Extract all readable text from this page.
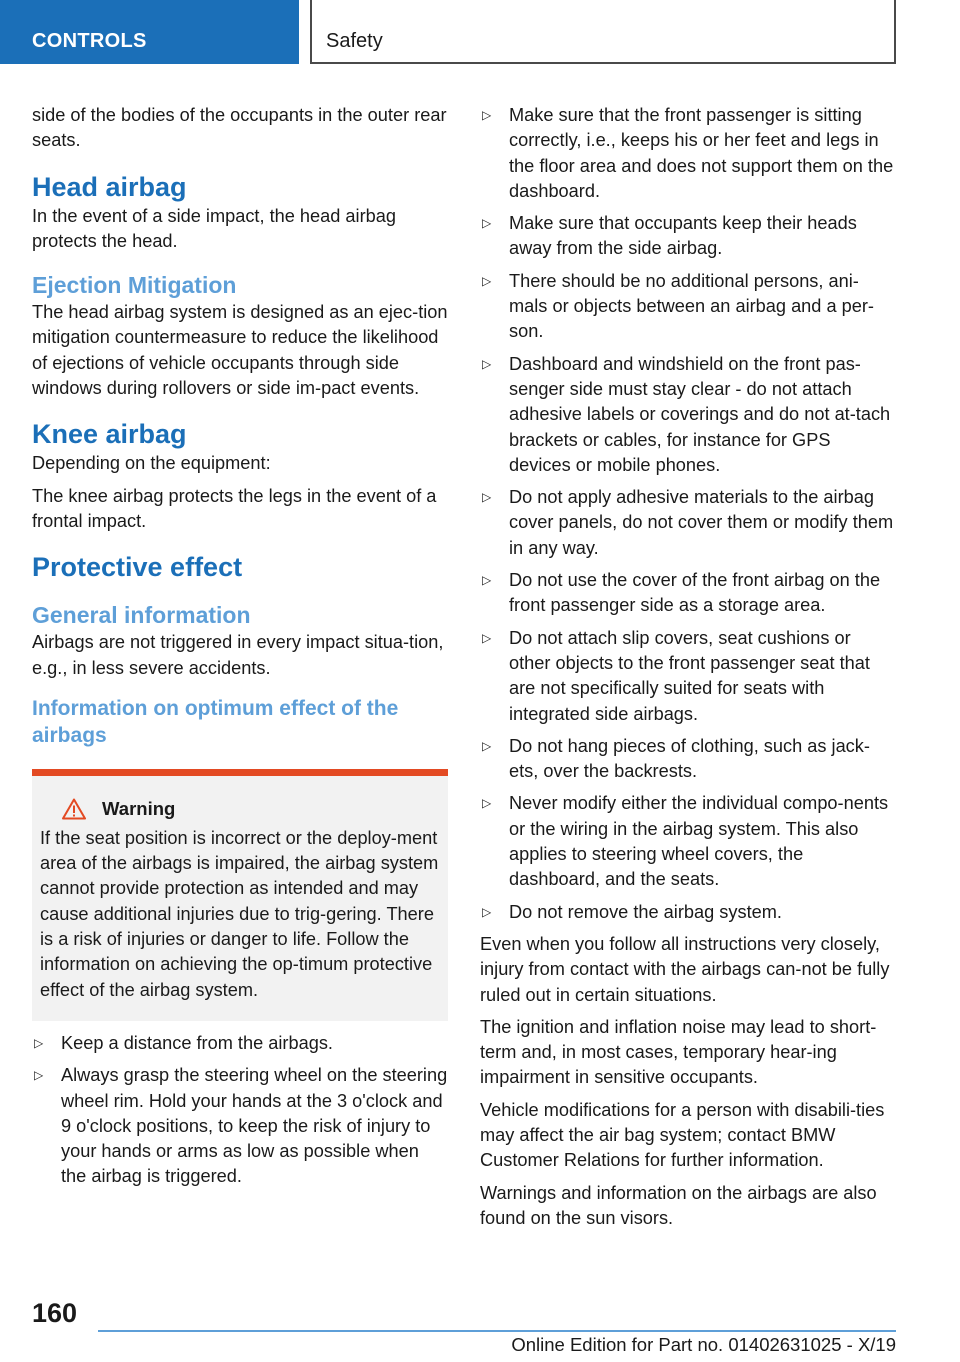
CONTROLS	Safety

side of the bodies of the occupants in the outer rear seats.

Head airbag

In the event of a side impact, the head airbag protects the head.

Ejection Mitigation

The head airbag system is designed as an ejec‐tion mitigation countermeasure to reduce the likelihood of ejections of vehicle occupants through side windows during rollovers or side im‐pact events.

Knee airbag

Depending on the equipment:

The knee airbag protects the legs in the event of a frontal impact.

Protective effect
General information

Airbags are not triggered in every impact situa‐tion, e.g., in less severe accidents.

Information on optimum effect of the airbags
Warning

If the seat position is incorrect or the deploy‐ment area of the airbags is impaired, the airbag system cannot provide protection as intended and may cause additional injuries due to trig‐gering. There is a risk of injuries or danger to life. Follow the information on achieving the op‐timum protective effect of the airbag system.

▷ Keep a distance from the airbags.
▷ Always grasp the steering wheel on the steering wheel rim. Hold your hands at the 3 o'clock and 9 o'clock positions, to keep the risk of injury to your hands or arms as low as possible when the airbag is triggered.
▷ Make sure that the front passenger is sitting correctly, i.e., keeps his or her feet and legs in the floor area and does not support them on the dashboard.
▷ Make sure that occupants keep their heads away from the side airbag.
▷ There should be no additional persons, ani‐mals or objects between an airbag and a per‐son.
▷ Dashboard and windshield on the front pas‐senger side must stay clear - do not attach adhesive labels or coverings and do not at‐tach brackets or cables, for instance for GPS devices or mobile phones.
▷ Do not apply adhesive materials to the airbag cover panels, do not cover them or modify them in any way.
▷ Do not use the cover of the front airbag on the front passenger side as a storage area.
▷ Do not attach slip covers, seat cushions or other objects to the front passenger seat that are not specifically suited for seats with integrated side airbags.
▷ Do not hang pieces of clothing, such as jack‐ets, over the backrests.
▷ Never modify either the individual compo‐nents or the wiring in the airbag system. This also applies to steering wheel covers, the dashboard, and the seats.
▷ Do not remove the airbag system.

Even when you follow all instructions very closely, injury from contact with the airbags can‐not be fully ruled out in certain situations.

The ignition and inflation noise may lead to short-term and, in most cases, temporary hear‐ing impairment in sensitive occupants.

Vehicle modifications for a person with disabili‐ties may affect the air bag system; contact BMW Customer Relations for further information.

Warnings and information on the airbags are also found on the sun visors.

160
Online Edition for Part no. 01402631025 - X/19
